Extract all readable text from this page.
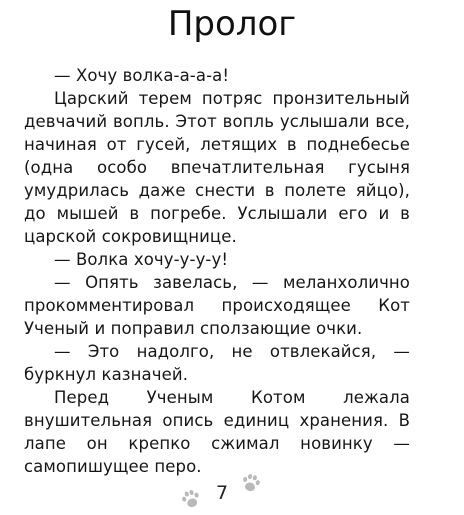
Пролог

— Хочу волка-а-а-а!

Царский терем потряс пронзительный девчачий вопль. Этот вопль услышали все, начиная от гусей, летящих в поднебесье (одна особо впечатлительная гусыня умудрилась даже снести в полете яйцо), до мышей в погребе. Услышали его и в царской сокровищнице.

— Волка хочу-у-у-у!

— Опять завелась, — меланхолично прокомментировал происходящее Кот Ученый и поправил сползающие очки.

— Это надолго, не отвлекайся, — буркнул казначей.

Перед Ученым Котом лежала внушительная опись единиц хранения. В лапе он крепко сжимал новинку — самопишущее перо.

7
